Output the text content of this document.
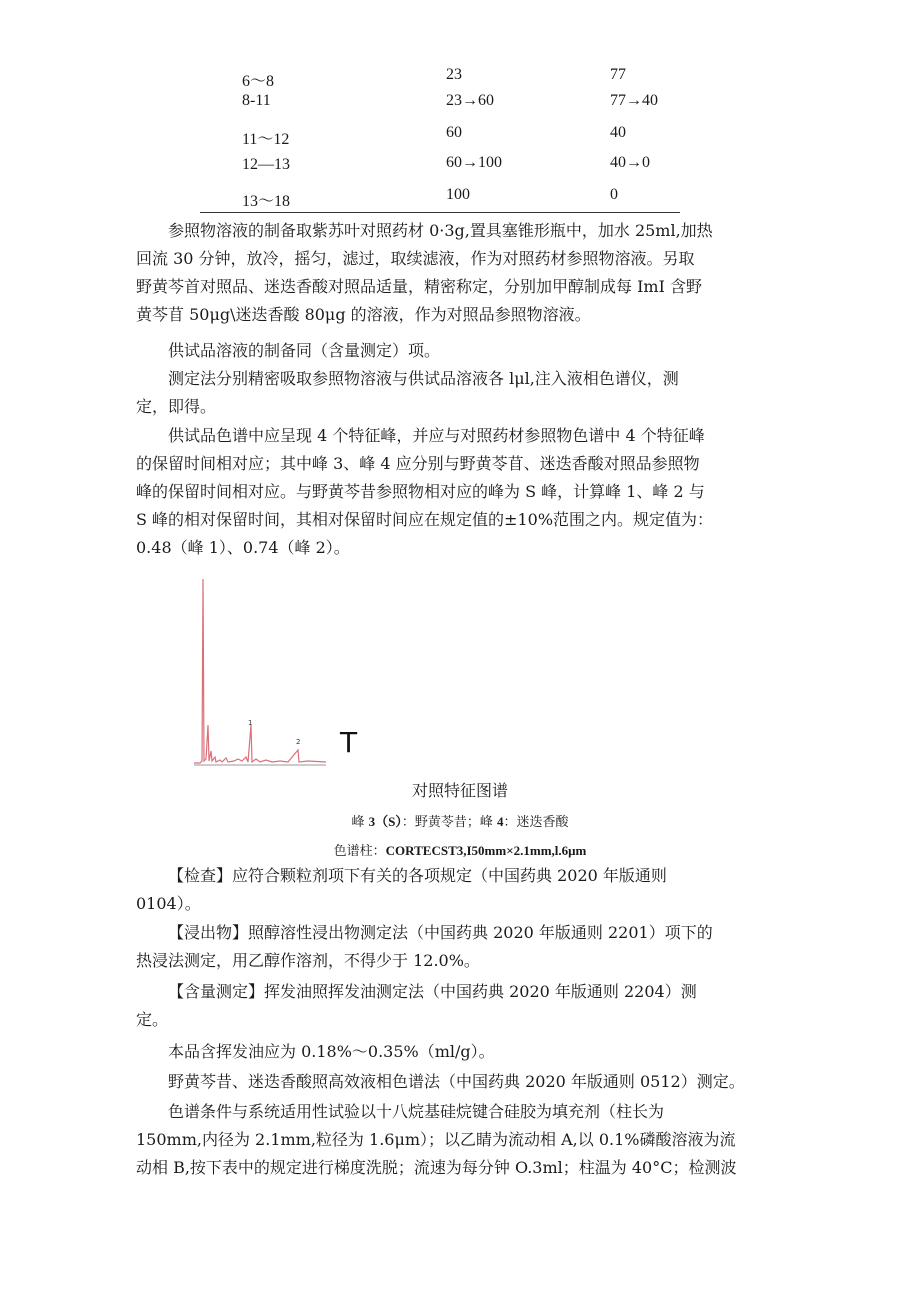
6～8	23	77
8-11	23→60	77→40
11～12	60	40
12—13	60→100	40→0
13～18	100	0
参照物溶液的制备取紫苏叶对照药材 0·3g,置具塞锥形瓶中，加水 25ml,加热
回流 30 分钟，放冷，摇匀，滤过，取续滤液，作为对照药材参照物溶液。另取
野黄芩首对照品、迷迭香酸对照品适量，精密称定，分别加甲醇制成每 ImI 含野
黄芩苜 50μg\迷迭香酸 80μg 的溶液，作为对照品参照物溶液。
供试品溶液的制备同（含量测定）项。
测定法分别精密吸取参照物溶液与供试品溶液各 lμl,注入液相色谱仪，测
定，即得。
供试品色谱中应呈现 4 个特征峰，并应与对照药材参照物色谱中 4 个特征峰
的保留时间相对应；其中峰 3、峰 4 应分别与野黄苓苜、迷迭香酸对照品参照物
峰的保留时间相对应。与野黄芩昔参照物相对应的峰为 S 峰，计算峰 1、峰 2 与
S 峰的相对保留时间，其相对保留时间应在规定值的±10%范围之内。规定值为：
0.48（峰 1）、0.74（峰 2）。
1
2 T
对照特征图谱
峰 3（S）：野黄苓昔；峰 4：迷迭香酸
色谱柱：CORTECST3,I50mm×2.1mm,l.6μm
【检查】应符合颗粒剂项下有关的各项规定（中国药典 2020 年版通则
0104）。
【浸出物】照醇溶性浸出物测定法（中国药典 2020 年版通则 2201）项下的
热浸法测定，用乙醇作溶剂，不得少于 12.0%。
【含量测定】挥发油照挥发油测定法（中国药典 2020 年版通则 2204）测
定。
本品含挥发油应为 0.18%～0.35%（ml∕g）。
野黄芩昔、迷迭香酸照高效液相色谱法（中国药典 2020 年版通则 0512）测定。
色谱条件与系统适用性试验以十八烷基硅烷键合硅胶为填充剂（柱长为
150mm,内径为 2.1mm,粒径为 1.6μm）；以乙睛为流动相 A,以 0.1%磷酸溶液为流
动相 B,按下表中的规定进行梯度洗脱；流速为每分钟 O.3ml；柱温为 40°C；检测波
